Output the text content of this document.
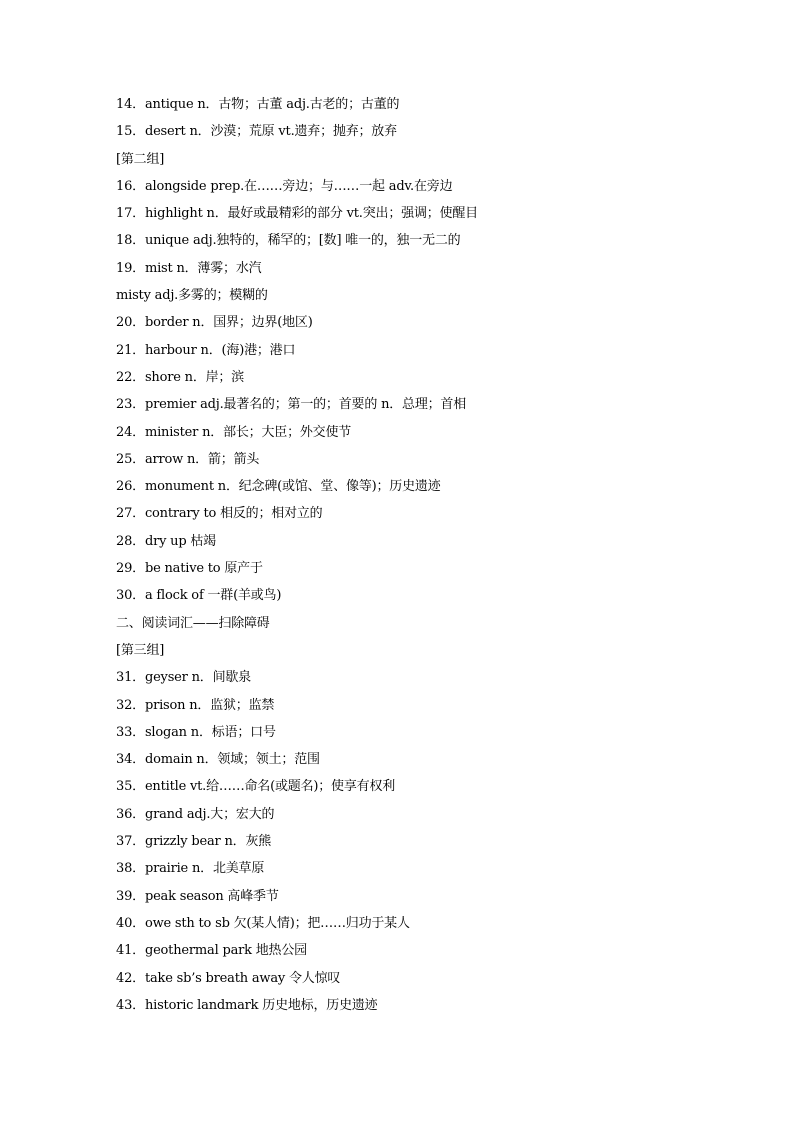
14．antique n．古物；古董 adj.古老的；古董的
15．desert n．沙漠；荒原 vt.遗弃；抛弃；放弃
[第二组]
16．alongside prep.在……旁边；与……一起 adv.在旁边
17．highlight n．最好或最精彩的部分 vt.突出；强调；使醒目
18．unique adj.独特的，稀罕的；[数] 唯一的，独一无二的
19．mist n．薄雾；水汽
misty adj.多雾的；模糊的
20．border n．国界；边界(地区)
21．harbour n．(海)港；港口
22．shore n．岸；滨
23．premier adj.最著名的；第一的；首要的 n．总理；首相
24．minister n．部长；大臣；外交使节
25．arrow n．箭；箭头
26．monument n．纪念碑(或馆、堂、像等)；历史遗迹
27．contrary to 相反的；相对立的
28．dry up 枯竭
29．be native to 原产于
30．a flock of 一群(羊或鸟)
二、阅读词汇——扫除障碍
[第三组]
31．geyser n．间歇泉
32．prison n．监狱；监禁
33．slogan n．标语；口号
34．domain n．领域；领土；范围
35．entitle vt.给……命名(或题名)；使享有权利
36．grand adj.大；宏大的
37．grizzly bear n．灰熊
38．prairie n．北美草原
39．peak season 高峰季节
40．owe sth to sb 欠(某人情)；把……归功于某人
41．geothermal park 地热公园
42．take sb’s breath away 令人惊叹
43．historic landmark 历史地标，历史遗迹
